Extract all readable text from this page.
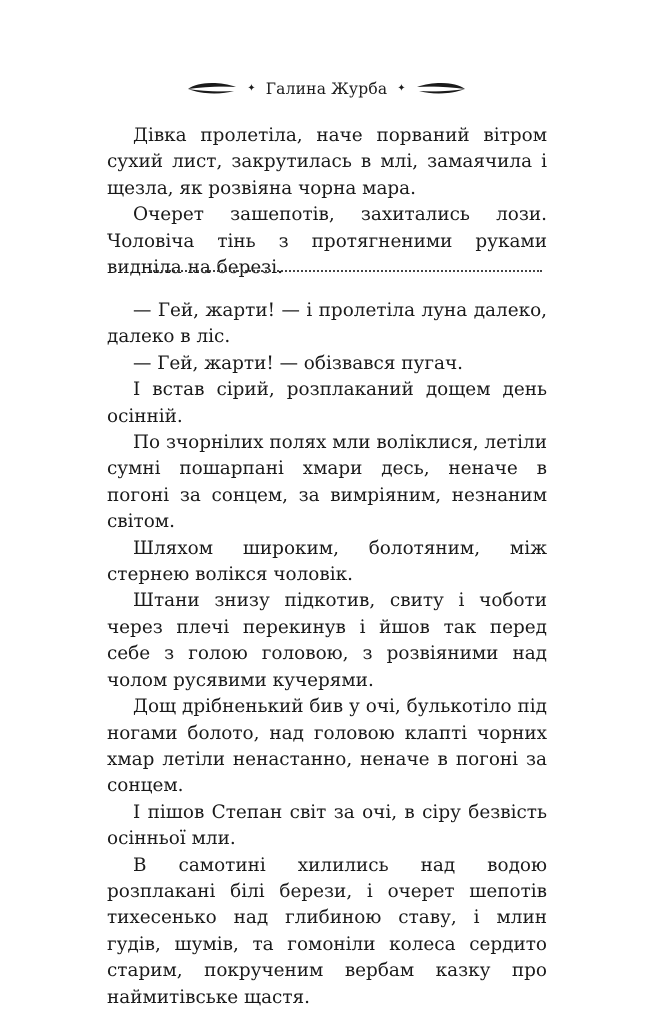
✦ Галина Журба ✦

Дівка пролетіла, наче порваний вітром сухий лист, закрутилась в млі, замаячила і щезла, як розвіяна чорна мара.

Очерет зашепотів, захитались лози. Чоловіча тінь з протягненими руками виднiла на березі.

— Гей, жарти! — і пролетіла луна далеко, далеко в ліс.

— Гей, жарти! — обізвався пугач.

І встав сірий, розплаканий дощем день осінній.

По зчорнілих полях мли воліклися, летіли сумні пошарпані хмари десь, неначе в погоні за сонцем, за вимріяним, незнаним світом.

Шляхом широким, болотяним, між стернею волікся чоловік.

Штани знизу підкотив, свиту і чоботи через плечі перекинув і йшов так перед себе з голою головою, з розвіяними над чолом русявими кучерями.

Дощ дрібненький бив у очі, булькотіло під ногами болото, над головою клапті чорних хмар летіли ненастанно, неначе в погоні за сонцем.

І пішов Степан світ за очі, в сіру безвість осінньої мли.

В самотині хилились над водою розплакані білі берези, і очерет шепотів тихесенько над глибиною ставу, і млин гудів, шумів, та гомоніли колеса сердито старим, покрученим вербам казку про наймитівське щастя.
